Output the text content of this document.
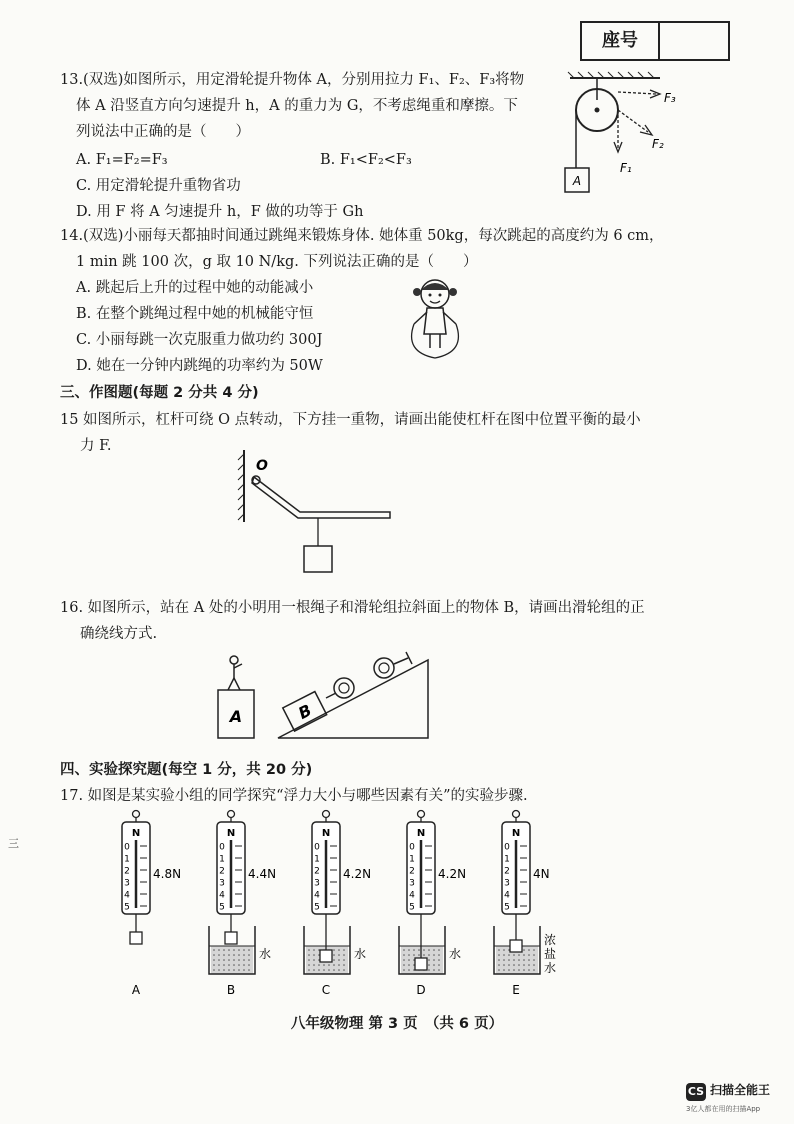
座号
13.(双选)如图所示，用定滑轮提升物体 A，分别用拉力 F₁、F₂、F₃将物
体 A 沿竖直方向匀速提升 h，A 的重力为 G，不考虑绳重和摩擦。下
列说法中正确的是（　　）
A. F₁=F₂=F₃	B. F₁<F₂<F₃
C. 用定滑轮提升重物省功
D. 用 F 将 A 匀速提升 h，F 做的功等于 Gh
A
F₁
F₂
F₃
14.(双选)小丽每天都抽时间通过跳绳来锻炼身体. 她体重 50kg，每次跳起的高度约为 6 cm，
1 min 跳 100 次，g 取 10 N/kg. 下列说法正确的是（　　）
A. 跳起后上升的过程中她的动能减小
B. 在整个跳绳过程中她的机械能守恒
C. 小丽每跳一次克服重力做功约 300J
D. 她在一分钟内跳绳的功率约为 50W
三、作图题(每题 2 分共 4 分)
15 如图所示，杠杆可绕 O 点转动，下方挂一重物，请画出能使杠杆在图中位置平衡的最小
力 F.
O
16. 如图所示，站在 A 处的小明用一根绳子和滑轮组拉斜面上的物体 B，请画出滑轮组的正
确绕线方式.
A	B
四、实验探究题(每空 1 分，共 20 分)
17. 如图是某实验小组的同学探究“浮力大小与哪些因素有关”的实验步骤.
三
N
0
1
2
3
4
5
4.8N
A
N
0
1
2
3
4
5
4.4N
水
B
N
0
1
2
3
4
5
4.2N
水
C
N
0
1
2
3
4
5
4.2N
水
D
N
0
1
2
3
4
5
4N
浓
盐
水
E
八年级物理 第 3 页　（共 6 页）
CS 扫描全能王
3亿人都在用的扫描App
